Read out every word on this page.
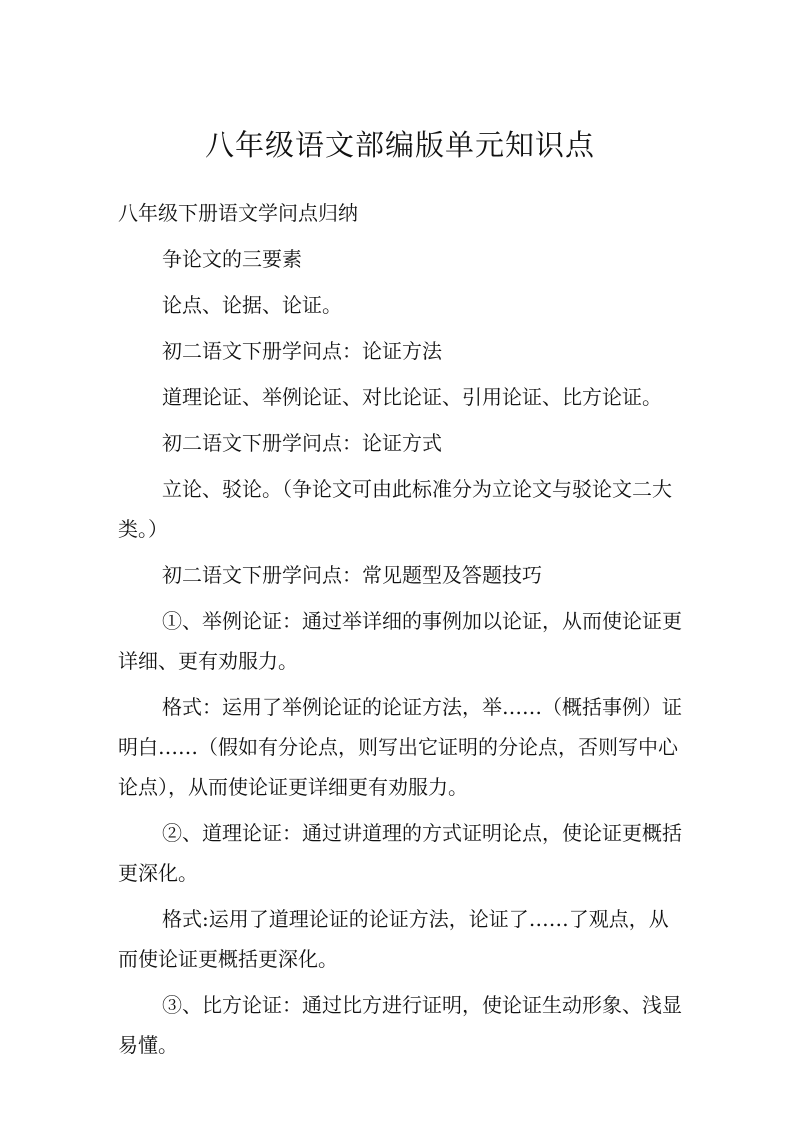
八年级语文部编版单元知识点

八年级下册语文学问点归纳

争论文的三要素

论点、论据、论证。

初二语文下册学问点：论证方法

道理论证、举例论证、对比论证、引用论证、比方论证。

初二语文下册学问点：论证方式

立论、驳论。（争论文可由此标准分为立论文与驳论文二大类。）

初二语文下册学问点：常见题型及答题技巧

①、举例论证：通过举详细的事例加以论证，从而使论证更详细、更有劝服力。

格式：运用了举例论证的论证方法，举……（概括事例）证明白……（假如有分论点，则写出它证明的分论点，否则写中心论点），从而使论证更详细更有劝服力。

②、道理论证：通过讲道理的方式证明论点，使论证更概括更深化。

格式:运用了道理论证的论证方法，论证了……了观点，从而使论证更概括更深化。

③、比方论证：通过比方进行证明，使论证生动形象、浅显易懂。
